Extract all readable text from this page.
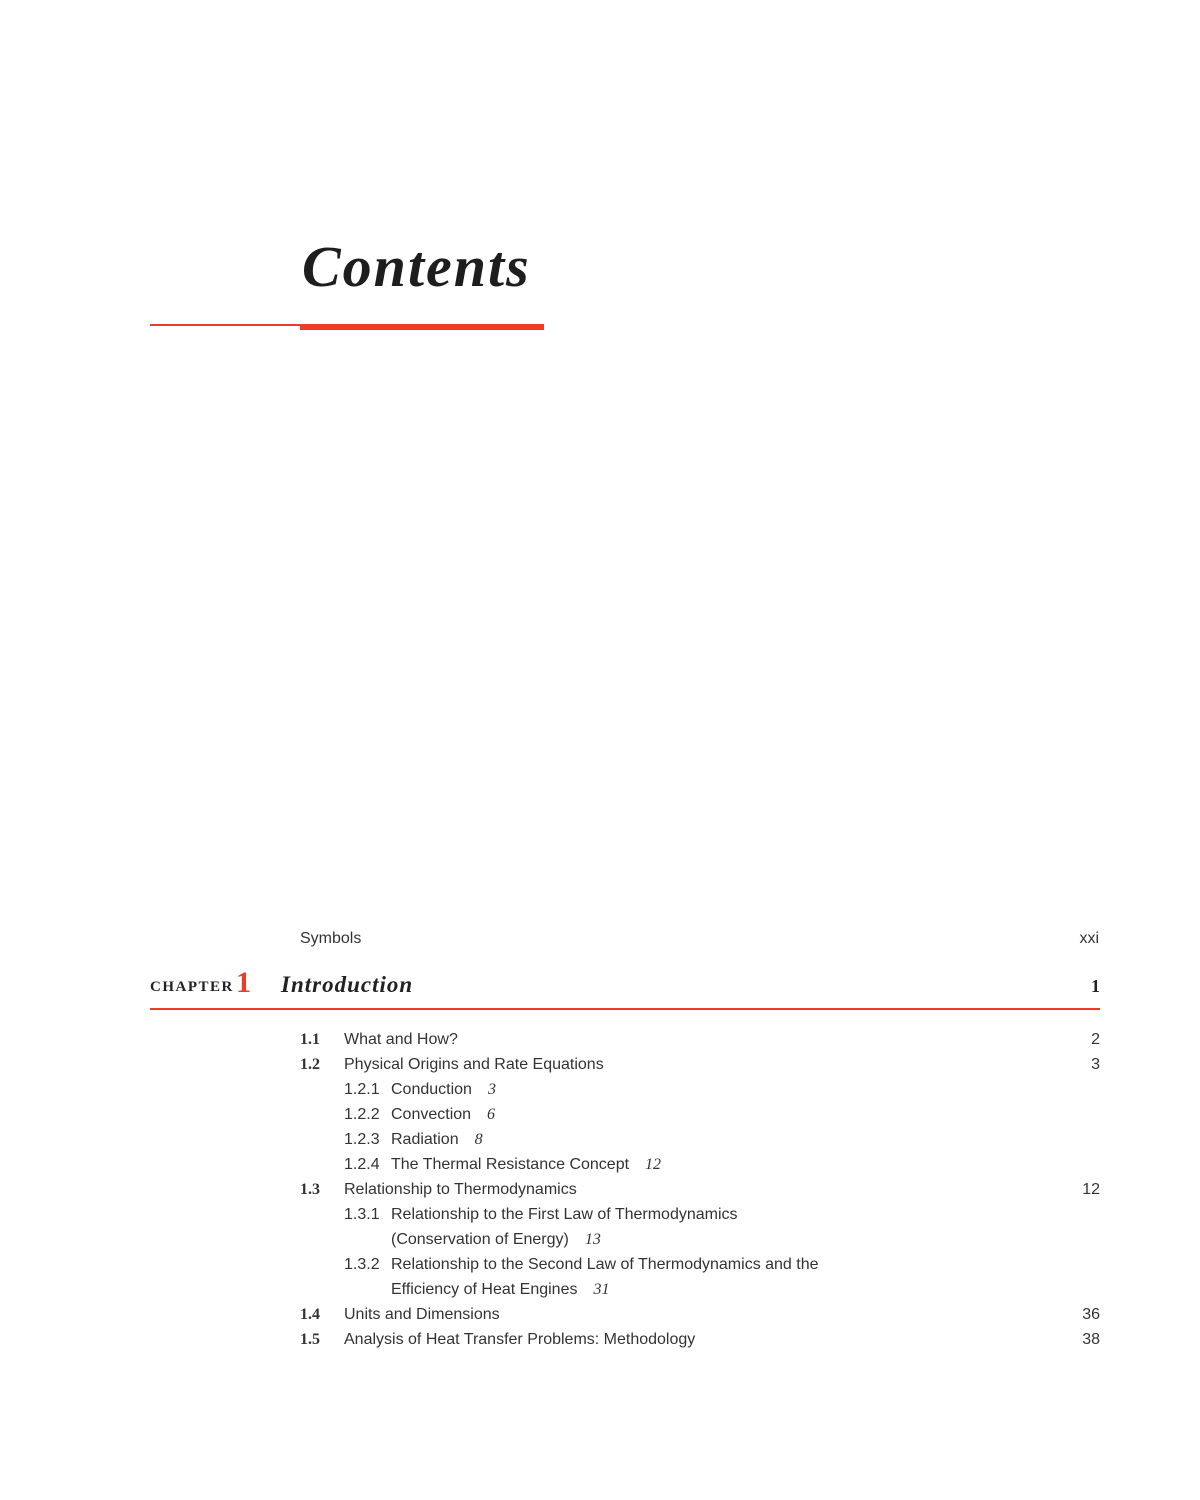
Contents
Symbols	xxi
CHAPTER 1 Introduction	1
1.1 What and How?	2
1.2 Physical Origins and Rate Equations	3
1.2.1 Conduction 3
1.2.2 Convection 6
1.2.3 Radiation 8
1.2.4 The Thermal Resistance Concept 12
1.3 Relationship to Thermodynamics	12
1.3.1 Relationship to the First Law of Thermodynamics
(Conservation of Energy) 13
1.3.2 Relationship to the Second Law of Thermodynamics and the
Efficiency of Heat Engines 31
1.4 Units and Dimensions	36
1.5 Analysis of Heat Transfer Problems: Methodology	38
